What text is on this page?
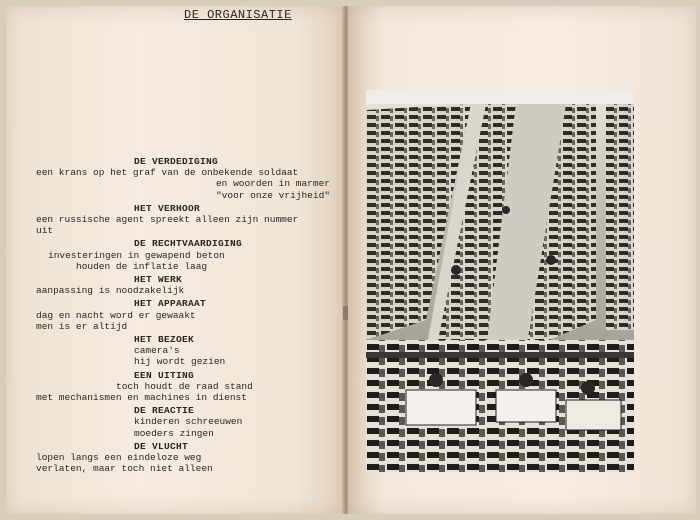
DE ORGANISATIE
DE VERDEDIGING
een krans op het graf van de onbekende soldaat
en woorden in marmer
"voor onze vrijheid"
HET VERHOOR
een russische agent spreekt alleen zijn nummer
uit
DE RECHTVAARDIGING
investeringen in gewapend beton
houden de inflatie laag
HET WERK
aanpassing is noodzakelijk
HET APPARAAT
dag en nacht word er gewaakt
men is er altijd
HET BEZOEK
camera's
hij wordt gezien
EEN UITING
toch houdt de raad stand
met mechanismen en machines in dienst
DE REACTIE
kinderen schreeuwen
moeders zingen
DE VLUCHT
lopen langs een eindeloze weg
verlaten, maar toch niet alleen
